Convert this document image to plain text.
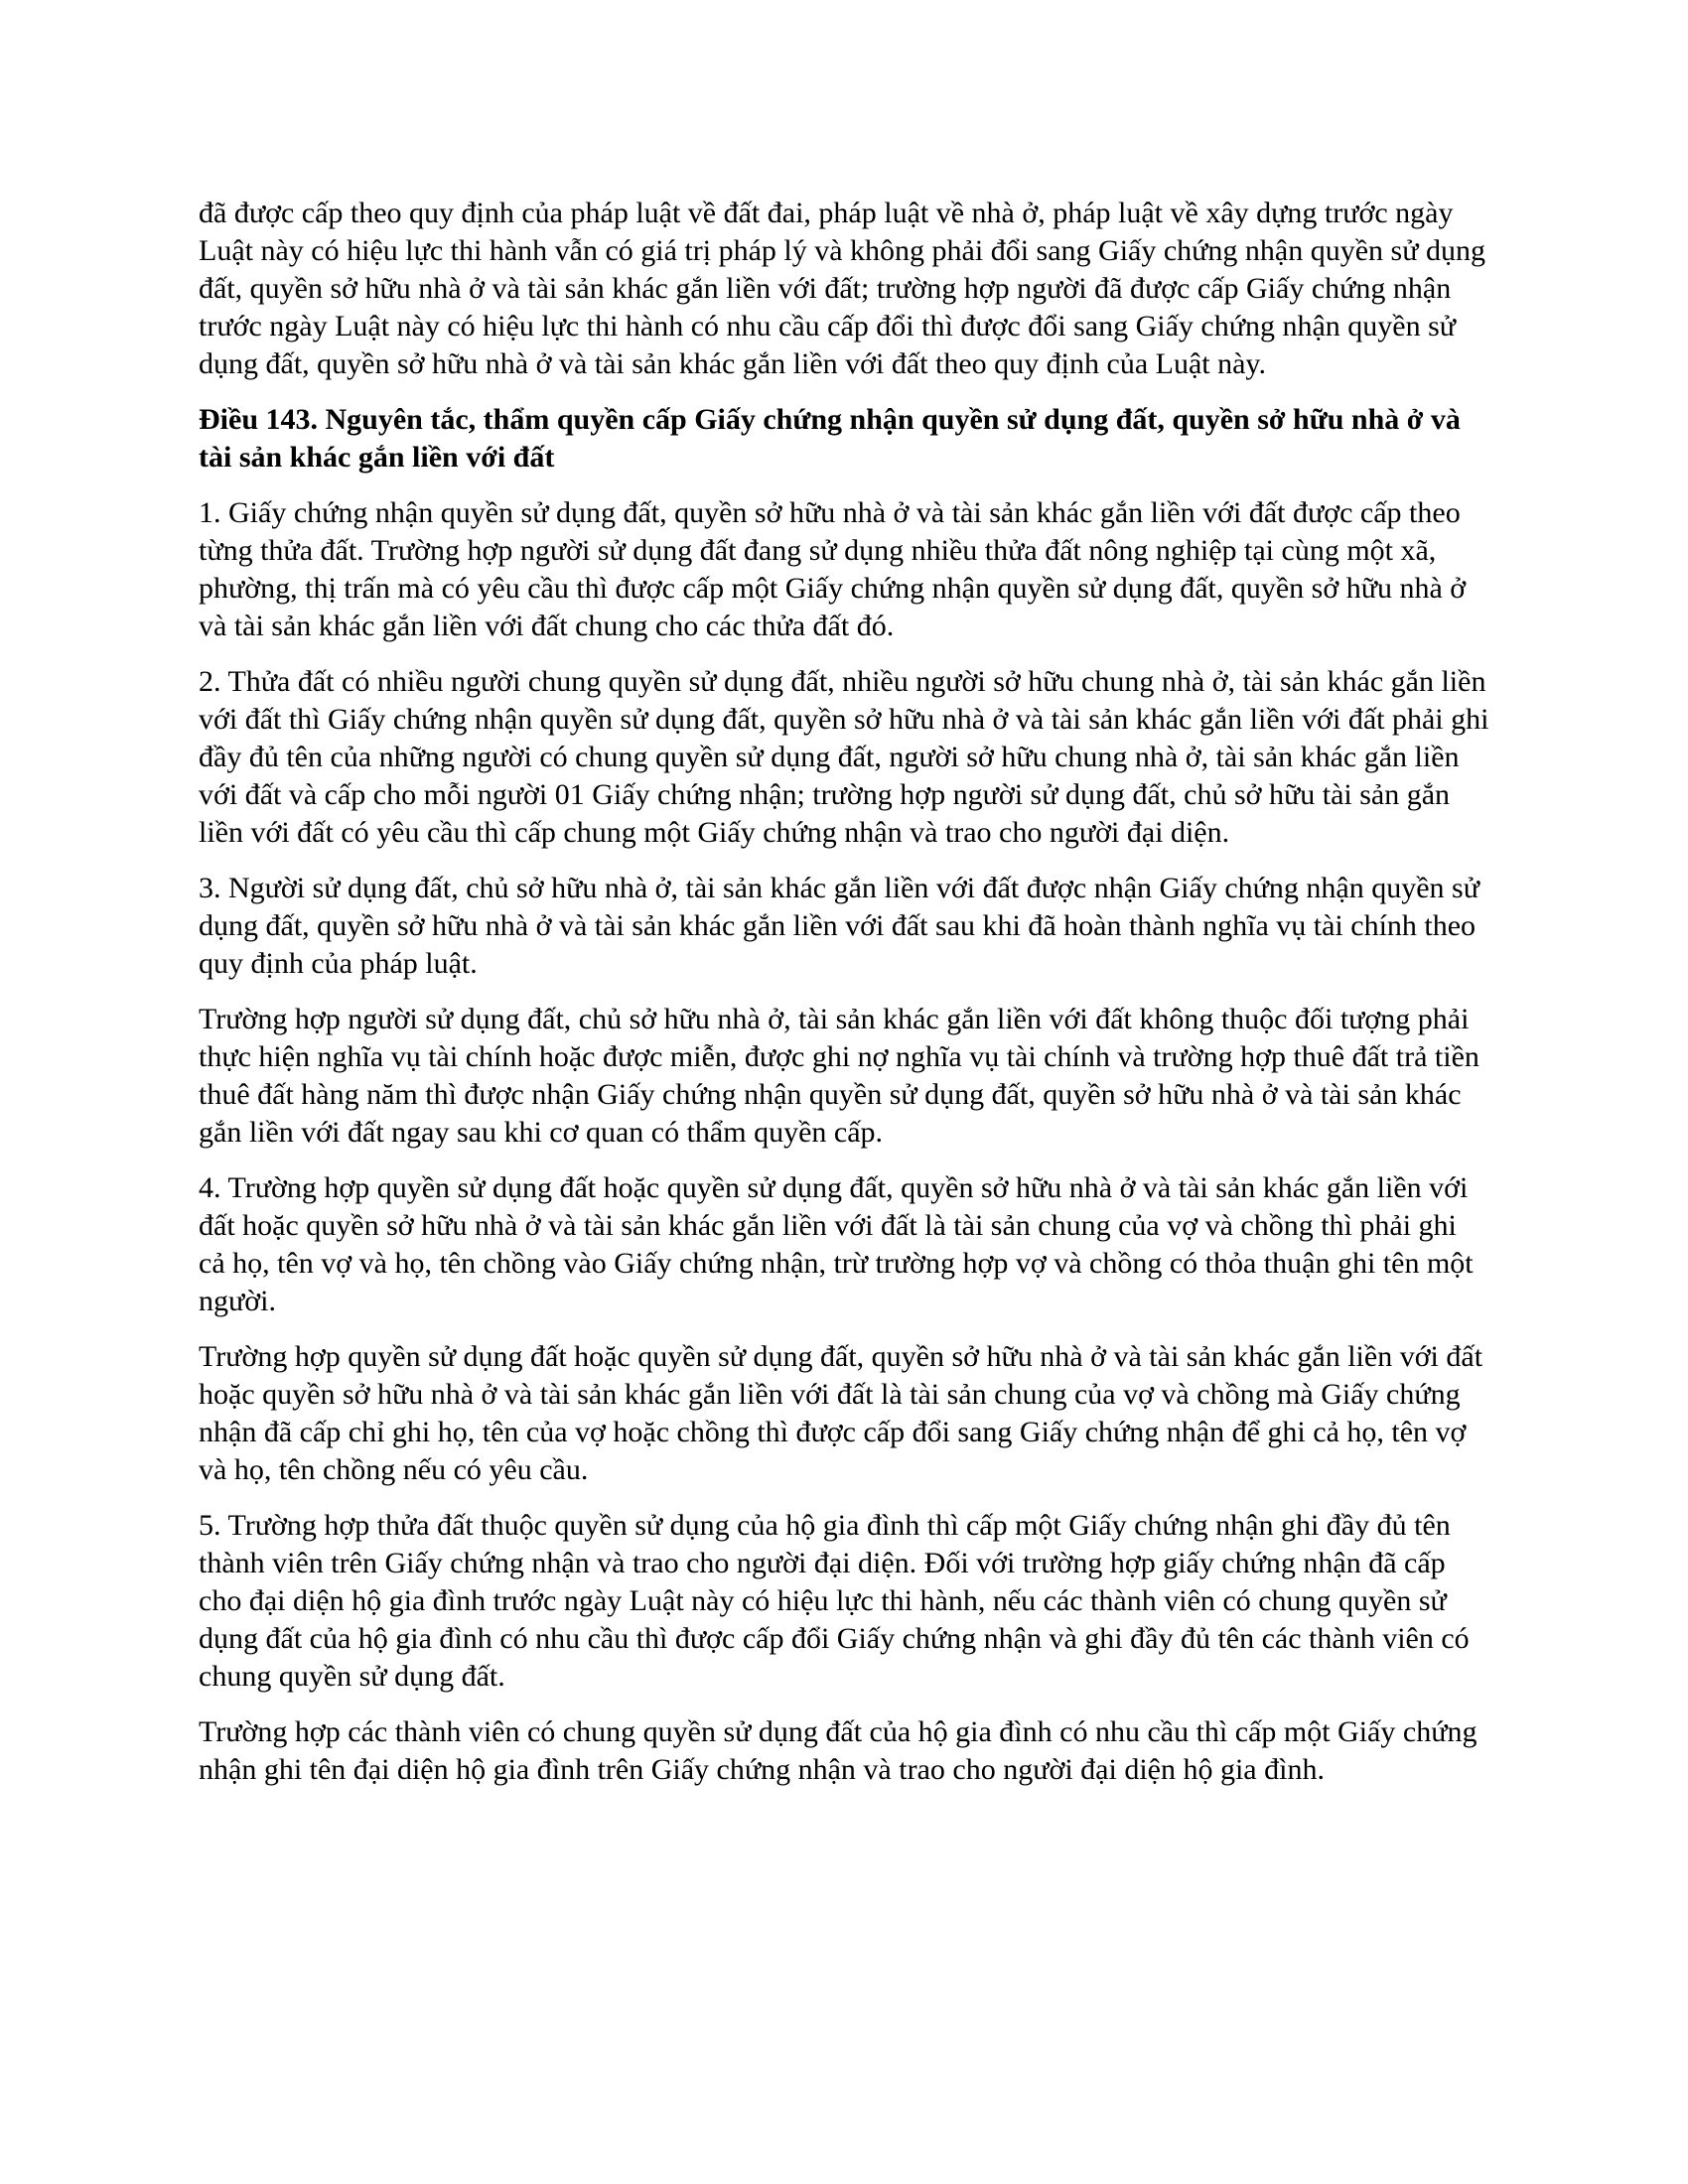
đã được cấp theo quy định của pháp luật về đất đai, pháp luật về nhà ở, pháp luật về xây dựng trước ngày Luật này có hiệu lực thi hành vẫn có giá trị pháp lý và không phải đổi sang Giấy chứng nhận quyền sử dụng đất, quyền sở hữu nhà ở và tài sản khác gắn liền với đất; trường hợp người đã được cấp Giấy chứng nhận trước ngày Luật này có hiệu lực thi hành có nhu cầu cấp đổi thì được đổi sang Giấy chứng nhận quyền sử dụng đất, quyền sở hữu nhà ở và tài sản khác gắn liền với đất theo quy định của Luật này.

Điều 143. Nguyên tắc, thẩm quyền cấp Giấy chứng nhận quyền sử dụng đất, quyền sở hữu nhà ở và tài sản khác gắn liền với đất

1. Giấy chứng nhận quyền sử dụng đất, quyền sở hữu nhà ở và tài sản khác gắn liền với đất được cấp theo từng thửa đất. Trường hợp người sử dụng đất đang sử dụng nhiều thửa đất nông nghiệp tại cùng một xã, phường, thị trấn mà có yêu cầu thì được cấp một Giấy chứng nhận quyền sử dụng đất, quyền sở hữu nhà ở và tài sản khác gắn liền với đất chung cho các thửa đất đó.

2. Thửa đất có nhiều người chung quyền sử dụng đất, nhiều người sở hữu chung nhà ở, tài sản khác gắn liền với đất thì Giấy chứng nhận quyền sử dụng đất, quyền sở hữu nhà ở và tài sản khác gắn liền với đất phải ghi đầy đủ tên của những người có chung quyền sử dụng đất, người sở hữu chung nhà ở, tài sản khác gắn liền với đất và cấp cho mỗi người 01 Giấy chứng nhận; trường hợp người sử dụng đất, chủ sở hữu tài sản gắn liền với đất có yêu cầu thì cấp chung một Giấy chứng nhận và trao cho người đại diện.

3. Người sử dụng đất, chủ sở hữu nhà ở, tài sản khác gắn liền với đất được nhận Giấy chứng nhận quyền sử dụng đất, quyền sở hữu nhà ở và tài sản khác gắn liền với đất sau khi đã hoàn thành nghĩa vụ tài chính theo quy định của pháp luật.

Trường hợp người sử dụng đất, chủ sở hữu nhà ở, tài sản khác gắn liền với đất không thuộc đối tượng phải thực hiện nghĩa vụ tài chính hoặc được miễn, được ghi nợ nghĩa vụ tài chính và trường hợp thuê đất trả tiền thuê đất hàng năm thì được nhận Giấy chứng nhận quyền sử dụng đất, quyền sở hữu nhà ở và tài sản khác gắn liền với đất ngay sau khi cơ quan có thẩm quyền cấp.

4. Trường hợp quyền sử dụng đất hoặc quyền sử dụng đất, quyền sở hữu nhà ở và tài sản khác gắn liền với đất hoặc quyền sở hữu nhà ở và tài sản khác gắn liền với đất là tài sản chung của vợ và chồng thì phải ghi cả họ, tên vợ và họ, tên chồng vào Giấy chứng nhận, trừ trường hợp vợ và chồng có thỏa thuận ghi tên một người.

Trường hợp quyền sử dụng đất hoặc quyền sử dụng đất, quyền sở hữu nhà ở và tài sản khác gắn liền với đất hoặc quyền sở hữu nhà ở và tài sản khác gắn liền với đất là tài sản chung của vợ và chồng mà Giấy chứng nhận đã cấp chỉ ghi họ, tên của vợ hoặc chồng thì được cấp đổi sang Giấy chứng nhận để ghi cả họ, tên vợ và họ, tên chồng nếu có yêu cầu.

5. Trường hợp thửa đất thuộc quyền sử dụng của hộ gia đình thì cấp một Giấy chứng nhận ghi đầy đủ tên thành viên trên Giấy chứng nhận và trao cho người đại diện. Đối với trường hợp giấy chứng nhận đã cấp cho đại diện hộ gia đình trước ngày Luật này có hiệu lực thi hành, nếu các thành viên có chung quyền sử dụng đất của hộ gia đình có nhu cầu thì được cấp đổi Giấy chứng nhận và ghi đầy đủ tên các thành viên có chung quyền sử dụng đất.

Trường hợp các thành viên có chung quyền sử dụng đất của hộ gia đình có nhu cầu thì cấp một Giấy chứng nhận ghi tên đại diện hộ gia đình trên Giấy chứng nhận và trao cho người đại diện hộ gia đình.
